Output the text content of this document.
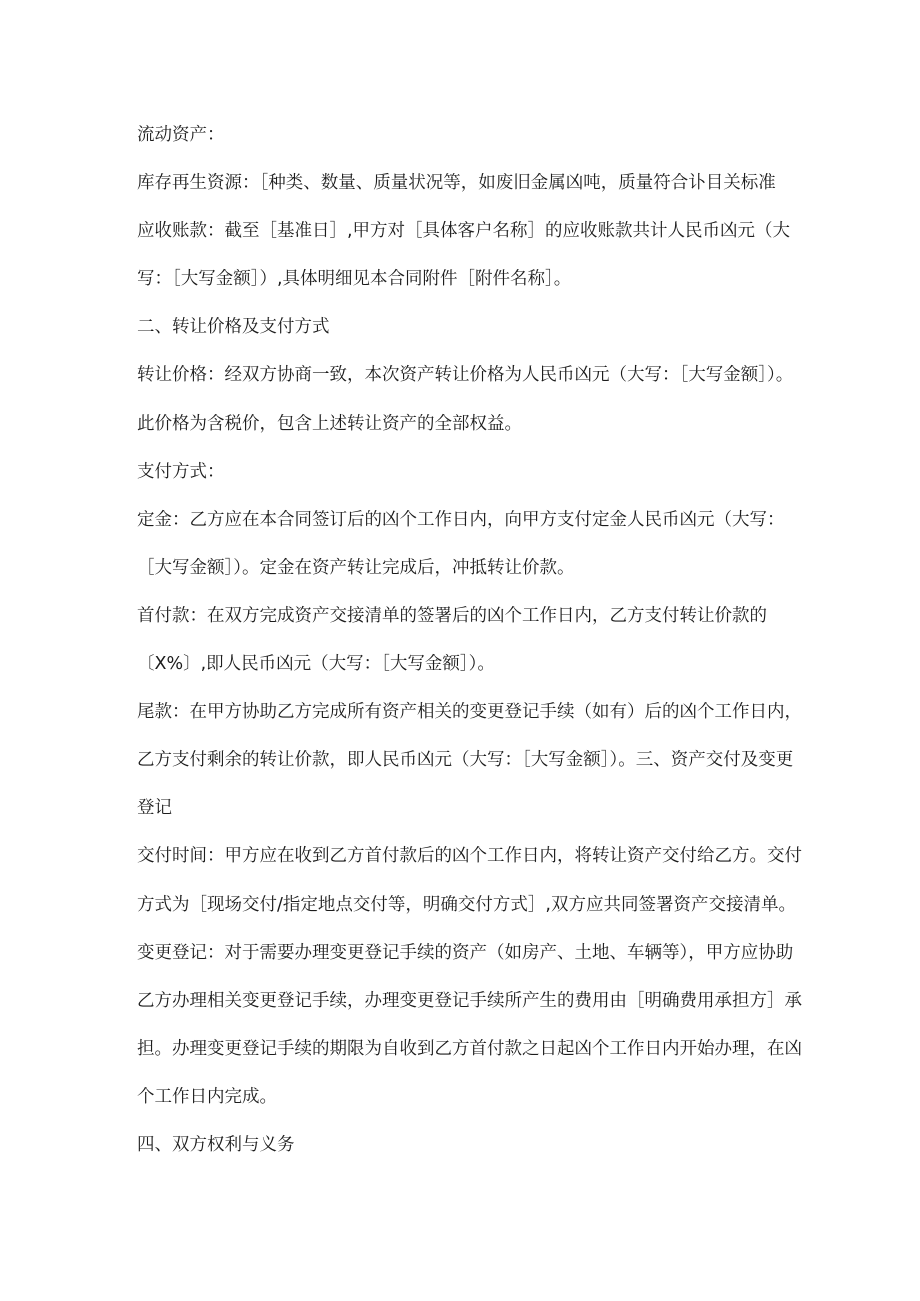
流动资产：
库存再生资源：［种类、数量、质量状况等，如废旧金属凶吨，质量符合讣目关标准
应收账款：截至［基准日］,甲方对［具体客户名称］的应收账款共计人民币凶元（大
写：［大写金额］）,具体明细见本合同附件［附件名称］。
二、转让价格及支付方式
转让价格：经双方协商一致，本次资产转让价格为人民币凶元（大写：［大写金额］）。
此价格为含税价，包含上述转让资产的全部权益。
支付方式：
定金：乙方应在本合同签订后的凶个工作日内，向甲方支付定金人民币凶元（大写：
［大写金额］）。定金在资产转让完成后，冲抵转让价款。
首付款：在双方完成资产交接清单的签署后的凶个工作日内，乙方支付转让价款的
〔X%〕,即人民币凶元（大写：［大写金额］）。
尾款：在甲方协助乙方完成所有资产相关的变更登记手续（如有）后的凶个工作日内，
乙方支付剩余的转让价款，即人民币凶元（大写：［大写金额］）。三、资产交付及变更
登记
交付时间：甲方应在收到乙方首付款后的凶个工作日内，将转让资产交付给乙方。交付
方式为［现场交付/指定地点交付等，明确交付方式］,双方应共同签署资产交接清单。
变更登记：对于需要办理变更登记手续的资产（如房产、土地、车辆等），甲方应协助
乙方办理相关变更登记手续，办理变更登记手续所产生的费用由［明确费用承担方］承
担。办理变更登记手续的期限为自收到乙方首付款之日起凶个工作日内开始办理，在凶
个工作日内完成。
四、双方权利与义务
